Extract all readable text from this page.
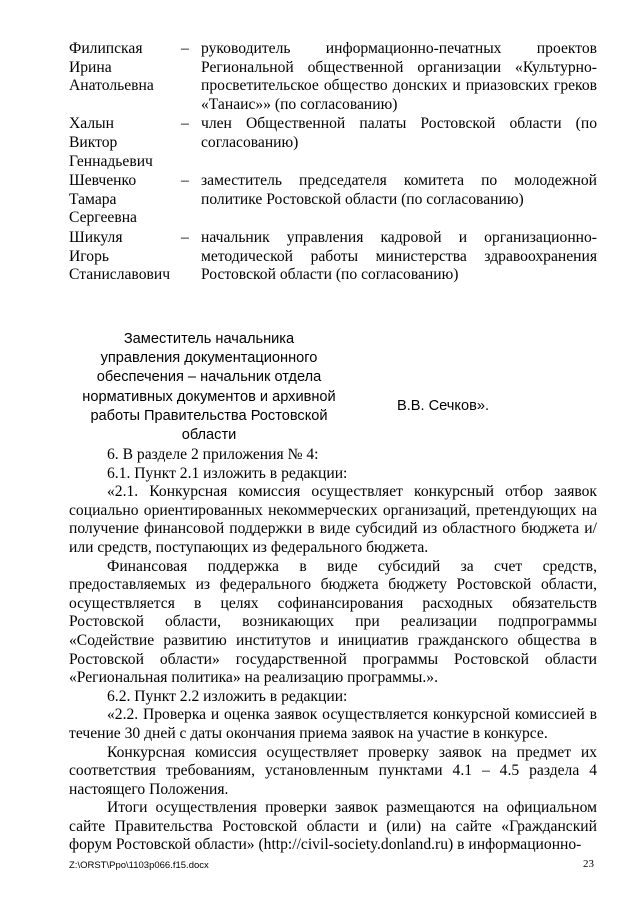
Филипская
Ирина
Анатольевна
– руководитель информационно-печатных проектов Региональной общественной организации «Культурно-просветительское общество донских и приазовских греков «Танаис»» (по согласованию)
Халын
Виктор
Геннадьевич
– член Общественной палаты Ростовской области (по согласованию)
Шевченко
Тамара
Сергеевна
– заместитель председателя комитета по молодежной политике Ростовской области (по согласованию)
Шикуля
Игорь
Станиславович
– начальник управления кадровой и организационно-методической работы министерства здравоохранения Ростовской области (по согласованию)
Заместитель начальника
управления документационного
обеспечения – начальник отдела
нормативных документов и архивной
работы Правительства Ростовской области
В.В. Сечков».

6. В разделе 2 приложения № 4:

6.1. Пункт 2.1 изложить в редакции:

«2.1. Конкурсная комиссия осуществляет конкурсный отбор заявок социально ориентированных некоммерческих организаций, претендующих на получение финансовой поддержки в виде субсидий из областного бюджета и/или средств, поступающих из федерального бюджета.

Финансовая поддержка в виде субсидий за счет средств, предоставляемых из федерального бюджета бюджету Ростовской области, осуществляется в целях софинансирования расходных обязательств Ростовской области, возникающих при реализации подпрограммы «Содействие развитию институтов и инициатив гражданского общества в Ростовской области» государственной программы Ростовской области «Региональная политика» на реализацию программы.».

6.2. Пункт 2.2 изложить в редакции:

«2.2. Проверка и оценка заявок осуществляется конкурсной комиссией в течение 30 дней с даты окончания приема заявок на участие в конкурсе.

Конкурсная комиссия осуществляет проверку заявок на предмет их соответствия требованиям, установленным пунктами 4.1 – 4.5 раздела 4 настоящего Положения.

Итоги осуществления проверки заявок размещаются на официальном сайте Правительства Ростовской области и (или) на сайте «Гражданский форум Ростовской области» (http://civil-society.donland.ru) в информационно-

Z:\ORST\Ppo\1103p066.f15.docx	23
